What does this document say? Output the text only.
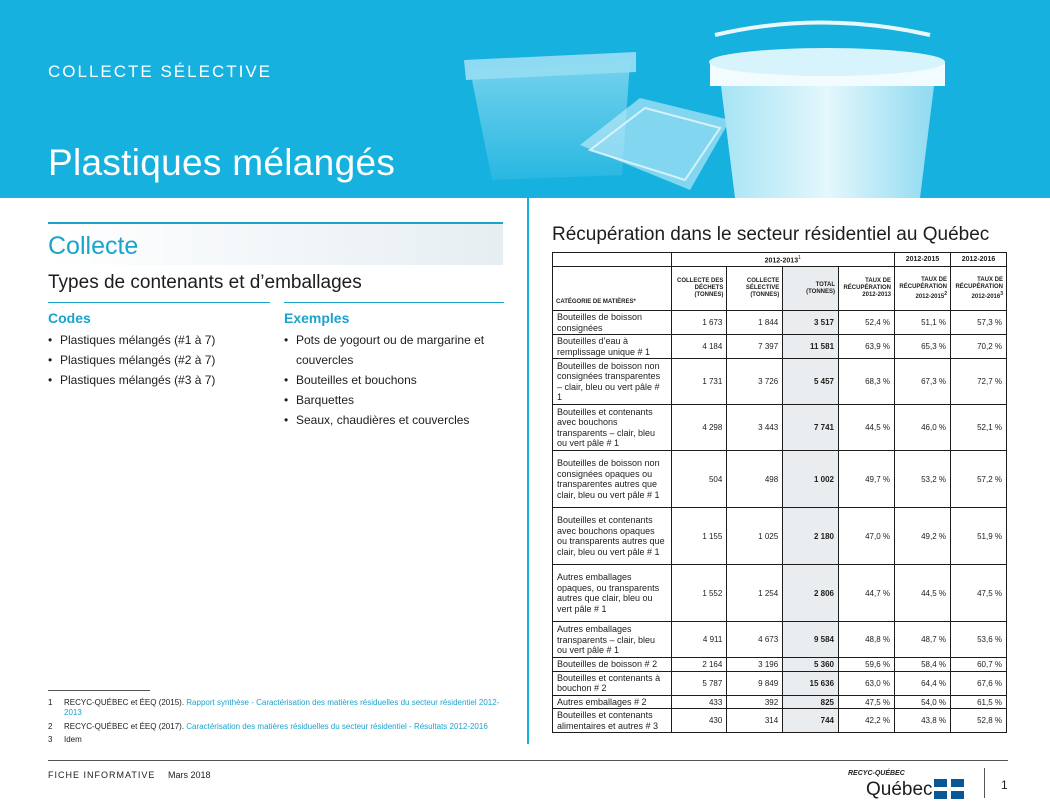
COLLECTE SÉLECTIVE
Plastiques mélangés
Collecte
Types de contenants et d’emballages
Codes	Exemples
• Plastiques mélangés (#1 à 7)
• Plastiques mélangés (#2 à 7)
• Plastiques mélangés (#3 à 7)
• Pots de yogourt ou de margarine et couvercles
• Bouteilles et bouchons
• Barquettes
• Seaux, chaudières et couvercles
1 RECYC-QUÉBEC et ÉEQ (2015). Rapport synthèse - Caractérisation des matières résiduelles du secteur résidentiel 2012-2013
2 RECYC-QUÉBEC et ÉEQ (2017). Caractérisation des matières résiduelles du secteur résidentiel - Résultats 2012-2016
3 Idem
Récupération dans le secteur résidentiel au Québec
	2012-2013$^1$				2012-2015	2012-2016
CATÉGORIE DE MATIÈRES*	COLLECTE DES DÉCHETS (TONNES)	COLLECTE SÉLECTIVE (TONNES)	TOTAL (TONNES)	TAUX DE RÉCUPÉRATION 2012-2013	TAUX DE RÉCUPÉRATION 2012-2015$^2$	TAUX DE RÉCUPÉRATION 2012-2016$^3$
Bouteilles de boisson consignées	1 673	1 844	3 517	52,4 %	51,1 %	57,3 %
Bouteilles d’eau à remplissage unique # 1	4 184	7 397	11 581	63,9 %	65,3 %	70,2 %
Bouteilles de boisson non consignées transparentes – clair, bleu ou vert pâle # 1	1 731	3 726	5 457	68,3 %	67,3 %	72,7 %
Bouteilles et contenants avec bouchons transparents – clair, bleu ou vert pâle # 1	4 298	3 443	7 741	44,5 %	46,0 %	52,1 %
Bouteilles de boisson non consignées opaques ou transparentes autres que clair, bleu ou vert pâle # 1	504	498	1 002	49,7 %	53,2 %	57,2 %
Bouteilles et contenants avec bouchons opaques ou transparents autres que clair, bleu ou vert pâle # 1	1 155	1 025	2 180	47,0 %	49,2 %	51,9 %
Autres emballages opaques, ou transparents autres que clair, bleu ou vert pâle # 1	1 552	1 254	2 806	44,7 %	44,5 %	47,5 %
Autres emballages transparents – clair, bleu ou vert pâle # 1	4 911	4 673	9 584	48,8 %	48,7 %	53,6 %
Bouteilles de boisson # 2	2 164	3 196	5 360	59,6 %	58,4 %	60,7 %
Bouteilles et contenants à bouchon # 2	5 787	9 849	15 636	63,0 %	64,4 %	67,6 %
Autres emballages # 2	433	392	825	47,5 %	54,0 %	61,5 %
Bouteilles et contenants alimentaires et autres # 3	430	314	744	42,2 %	43,8 %	52,8 %
FICHE INFORMATIVE Mars 2018	RECYC-QUÉBEC
Québec	1
